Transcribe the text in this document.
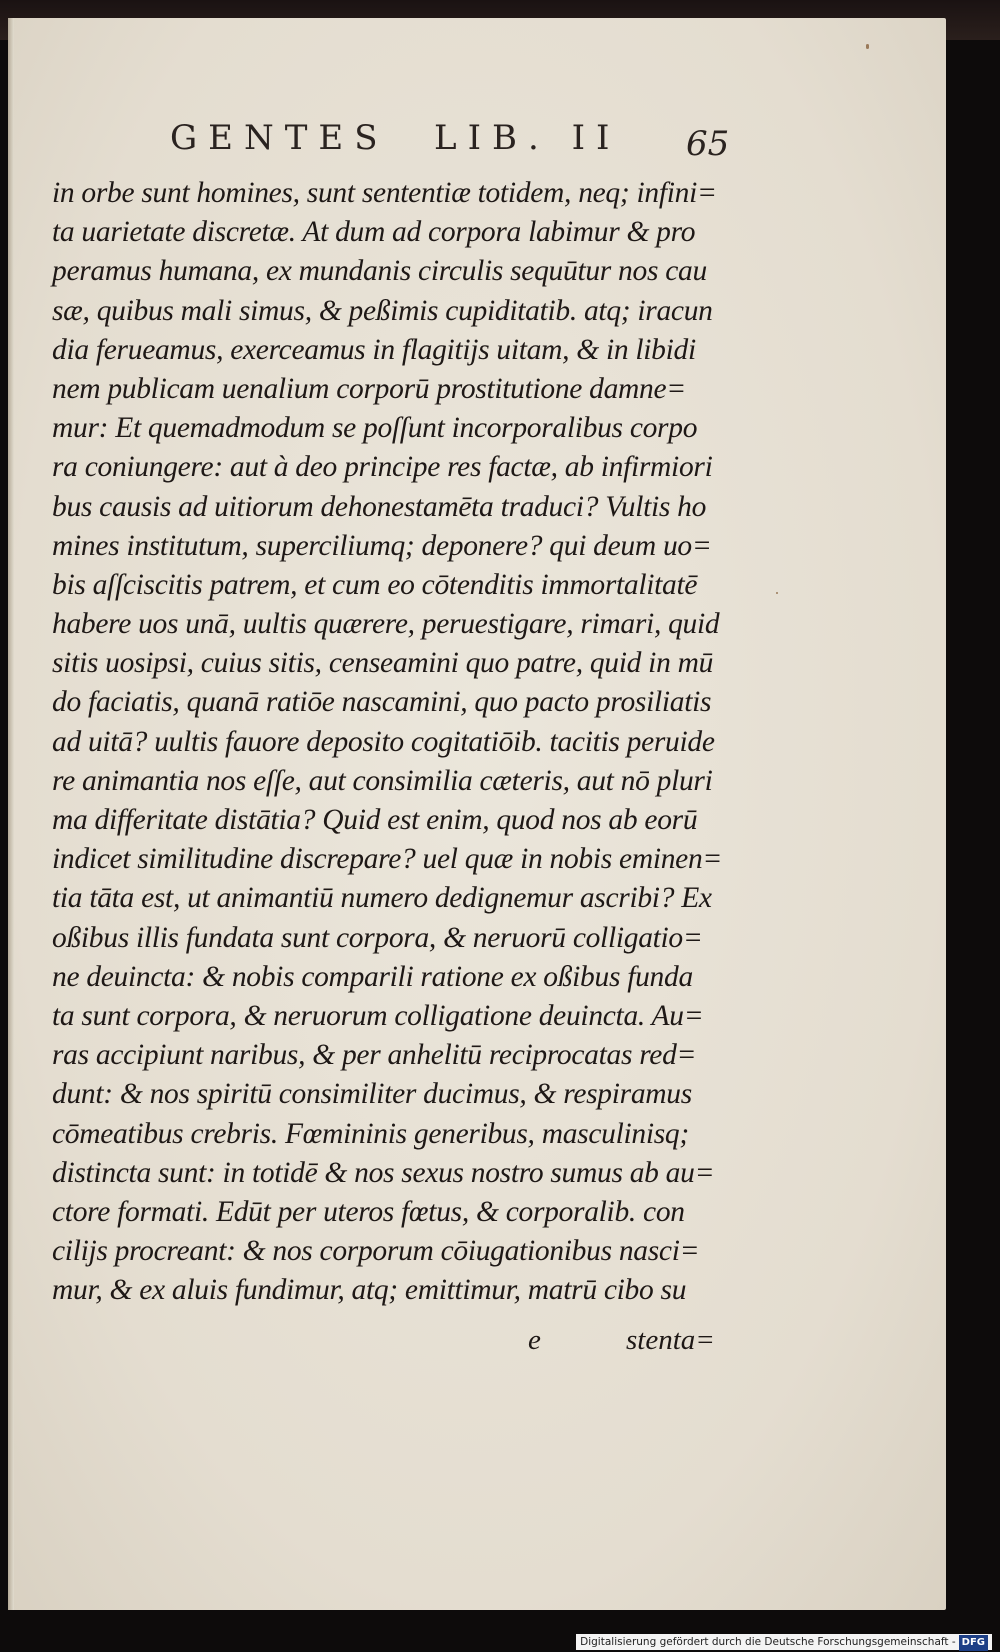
GENTES LIB. II 65
in orbe sunt homines, sunt sententiæ totidem, neq; infini=
ta uarietate discretæ. At dum ad corpora labimur & pro
peramus humana, ex mundanis circulis sequūtur nos cau
sæ, quibus mali simus, & peßimis cupiditatib. atq; iracun
dia ferueamus, exerceamus in flagitijs uitam, & in libidi
nem publicam uenalium corporū prostitutione damne=
mur: Et quemadmodum se poſſunt incorporalibus corpo
ra coniungere: aut à deo principe res factæ, ab infirmiori
bus causis ad uitiorum dehonestamēta traduci? Vultis ho
mines institutum, superciliumq; deponere? qui deum uo=
bis aſſciscitis patrem, et cum eo cōtenditis immortalitatē
habere uos unā, uultis quærere, peruestigare, rimari, quid
sitis uosipsi, cuius sitis, censeamini quo patre, quid in mū
do faciatis, quanā ratiōe nascamini, quo pacto prosiliatis
ad uitā? uultis fauore deposito cogitatiōib. tacitis peruide
re animantia nos eſſe, aut consimilia cæteris, aut nō pluri
ma differitate distātia? Quid est enim, quod nos ab eorū
indicet similitudine discrepare? uel quæ in nobis eminen=
tia tāta est, ut animantiū numero dedignemur ascribi? Ex
oßibus illis fundata sunt corpora, & neruorū colligatio=
ne deuincta: & nobis comparili ratione ex oßibus funda
ta sunt corpora, & neruorum colligatione deuincta. Au=
ras accipiunt naribus, & per anhelitū reciprocatas red=
dunt: & nos spiritū consimiliter ducimus, & respiramus
cōmeatibus crebris. Fœmininis generibus, masculinisq;
distincta sunt: in totidē & nos sexus nostro sumus ab au=
ctore formati. Edūt per uteros fœtus, & corporalib. con
cilijs procreant: & nos corporum cōiugationibus nasci=
mur, & ex aluis fundimur, atq; emittimur, matrū cibo su
e	stenta=
Digitalisierung gefördert durch die Deutsche Forschungsgemeinschaft - DFG
